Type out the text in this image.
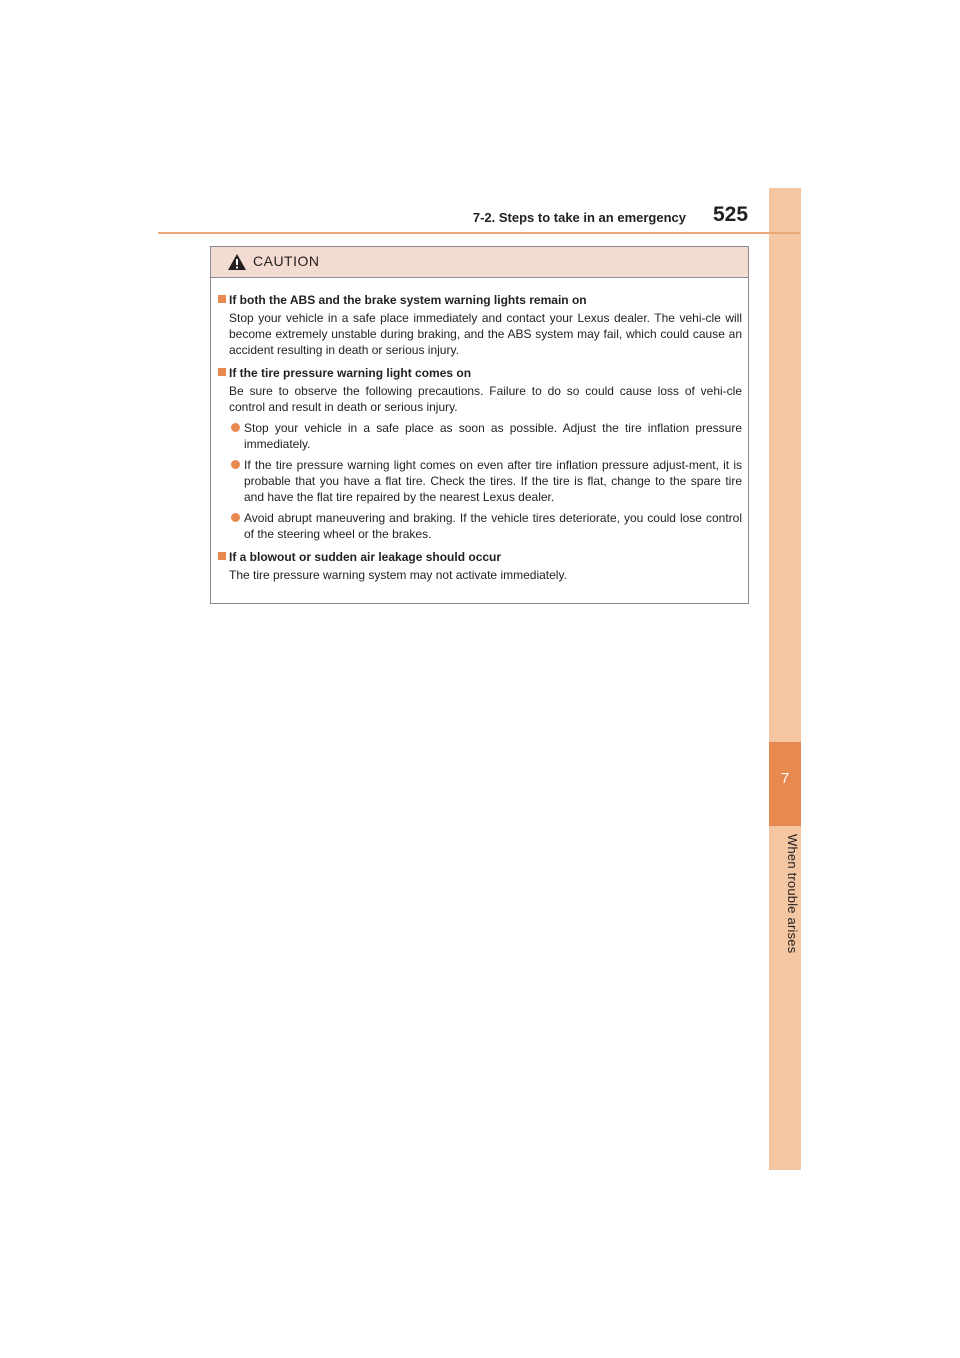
7
When trouble arises
7-2. Steps to take in an emergency 525
CAUTION
If both the ABS and the brake system warning lights remain on
Stop your vehicle in a safe place immediately and contact your Lexus dealer. The vehi-cle will become extremely unstable during braking, and the ABS system may fail, which could cause an accident resulting in death or serious injury.
If the tire pressure warning light comes on
Be sure to observe the following precautions. Failure to do so could cause loss of vehi-cle control and result in death or serious injury.
Stop your vehicle in a safe place as soon as possible. Adjust the tire inflation pressure immediately.
If the tire pressure warning light comes on even after tire inflation pressure adjust-ment, it is probable that you have a flat tire. Check the tires. If the tire is flat, change to the spare tire and have the flat tire repaired by the nearest Lexus dealer.
Avoid abrupt maneuvering and braking. If the vehicle tires deteriorate, you could lose control of the steering wheel or the brakes.
If a blowout or sudden air leakage should occur
The tire pressure warning system may not activate immediately.
